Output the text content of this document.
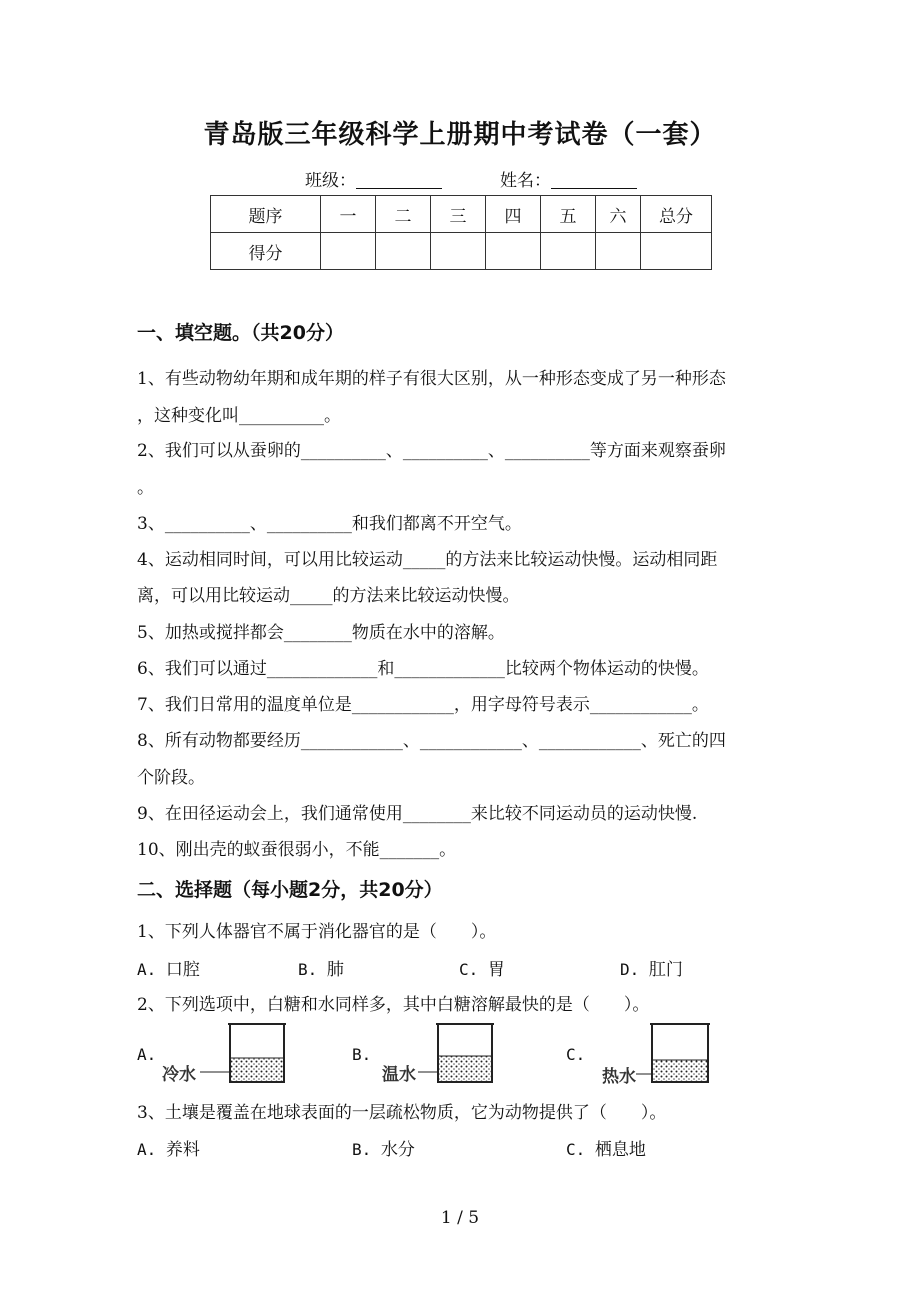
青岛版三年级科学上册期中考试卷（一套）
班级：	姓名：
题序	一	二	三	四	五	六	总分
得分							
一、填空题。（共20分）
1、有些动物幼年期和成年期的样子有很大区别，从一种形态变成了另一种形态
，这种变化叫__________。
2、我们可以从蚕卵的__________、__________、__________等方面来观察蚕卵
。
3、__________、__________和我们都离不开空气。
4、运动相同时间，可以用比较运动_____的方法来比较运动快慢。运动相同距
离，可以用比较运动_____的方法来比较运动快慢。
5、加热或搅拌都会________物质在水中的溶解。
6、我们可以通过_____________和_____________比较两个物体运动的快慢。
7、我们日常用的温度单位是____________，用字母符号表示____________。
8、所有动物都要经历____________、____________、____________、死亡的四
个阶段。
9、在田径运动会上，我们通常使用________来比较不同运动员的运动快慢.
10、刚出壳的蚁蚕很弱小，不能_______。
二、选择题（每小题2分，共20分）
1、下列人体器官不属于消化器官的是（　　）。
A. 口腔	B. 肺	C. 胃	D. 肛门
2、下列选项中，白糖和水同样多，其中白糖溶解最快的是（　　）。
A.
冷水
B.
温水
C.
热水
3、土壤是覆盖在地球表面的一层疏松物质，它为动物提供了（　　）。
A. 养料	B. 水分	C. 栖息地
1 / 5
